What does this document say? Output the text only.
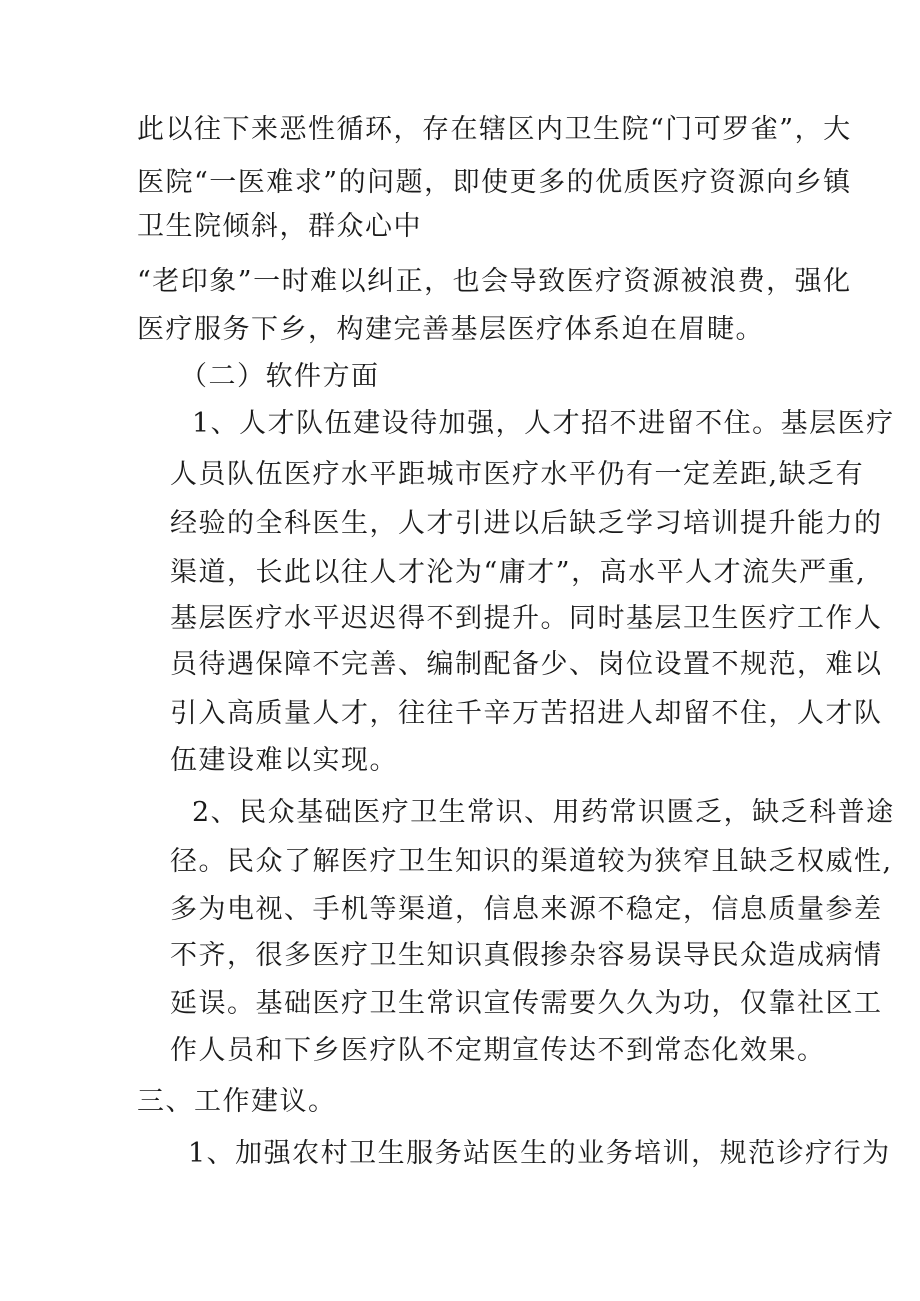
此以往下来恶性循环，存在辖区内卫生院“门可罗雀”，大
医院“一医难求”的问题，即使更多的优质医疗资源向乡镇
卫生院倾斜，群众心中
“老印象”一时难以纠正，也会导致医疗资源被浪费，强化
医疗服务下乡，构建完善基层医疗体系迫在眉睫。
（二）软件方面
1、人才队伍建设待加强，人才招不进留不住。基层医疗
人员队伍医疗水平距城市医疗水平仍有一定差距,缺乏有
经验的全科医生，人才引进以后缺乏学习培训提升能力的
渠道，长此以往人才沦为“庸才”，高水平人才流失严重,
基层医疗水平迟迟得不到提升。同时基层卫生医疗工作人
员待遇保障不完善、编制配备少、岗位设置不规范，难以
引入高质量人才，往往千辛万苦招进人却留不住，人才队
伍建设难以实现。
2、民众基础医疗卫生常识、用药常识匮乏，缺乏科普途
径。民众了解医疗卫生知识的渠道较为狭窄且缺乏权威性,
多为电视、手机等渠道，信息来源不稳定，信息质量参差
不齐，很多医疗卫生知识真假掺杂容易误导民众造成病情
延误。基础医疗卫生常识宣传需要久久为功，仅靠社区工
作人员和下乡医疗队不定期宣传达不到常态化效果。
三、工作建议。
1、加强农村卫生服务站医生的业务培训，规范诊疗行为
